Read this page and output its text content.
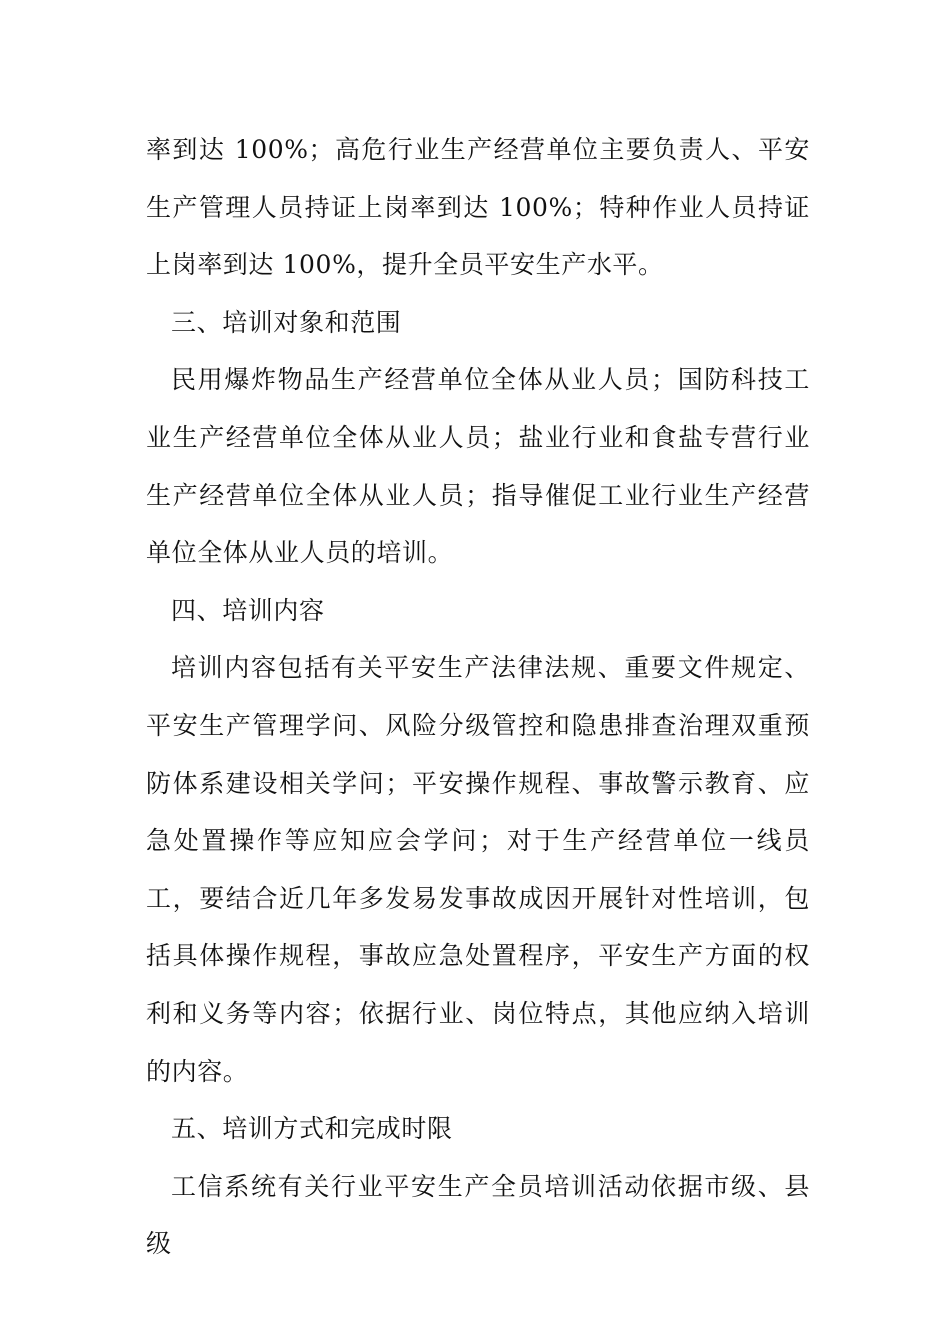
率到达 100%；高危行业生产经营单位主要负责人、平安生产管理人员持证上岗率到达 100%；特种作业人员持证上岗率到达 100%，提升全员平安生产水平。

三、培训对象和范围

民用爆炸物品生产经营单位全体从业人员；国防科技工业生产经营单位全体从业人员；盐业行业和食盐专营行业生产经营单位全体从业人员；指导催促工业行业生产经营单位全体从业人员的培训。

四、培训内容

培训内容包括有关平安生产法律法规、重要文件规定、平安生产管理学问、风险分级管控和隐患排查治理双重预防体系建设相关学问；平安操作规程、事故警示教育、应急处置操作等应知应会学问；对于生产经营单位一线员工，要结合近几年多发易发事故成因开展针对性培训，包括具体操作规程，事故应急处置程序，平安生产方面的权利和义务等内容；依据行业、岗位特点，其他应纳入培训的内容。

五、培训方式和完成时限

工信系统有关行业平安生产全员培训活动依据市级、县级
